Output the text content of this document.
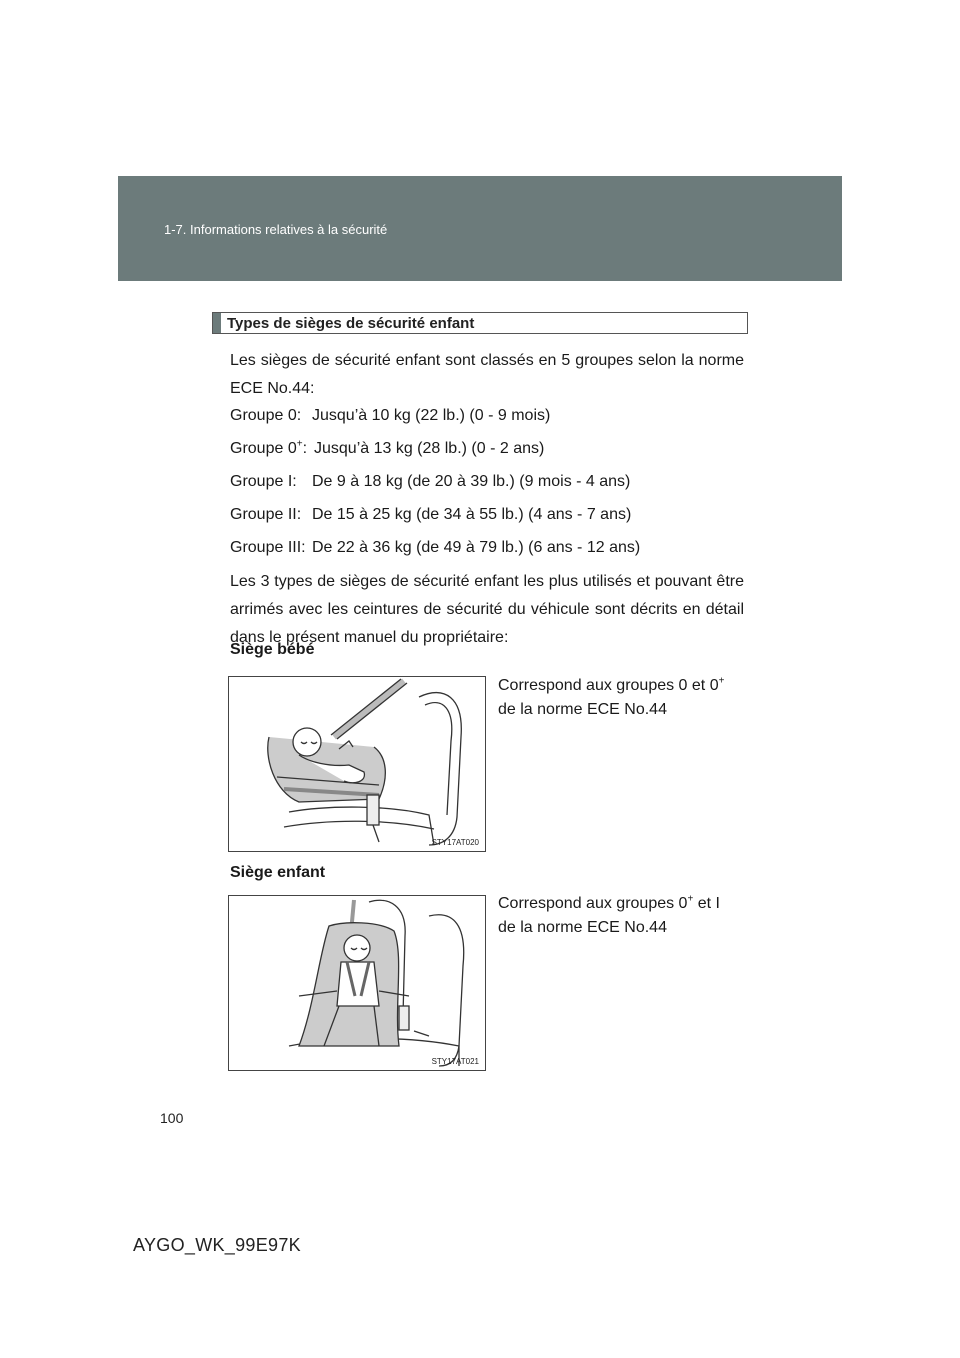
1-7. Informations relatives à la sécurité
Types de sièges de sécurité enfant
Les sièges de sécurité enfant sont classés en 5 groupes selon la norme ECE No.44:
Groupe 0: Jusqu’à 10 kg (22 lb.) (0 - 9 mois)
Groupe 0+: Jusqu’à 13 kg (28 lb.) (0 - 2 ans)
Groupe I: De 9 à 18 kg (de 20 à 39 lb.) (9 mois - 4 ans)
Groupe II: De 15 à 25 kg (de 34 à 55 lb.) (4 ans - 7 ans)
Groupe III: De 22 à 36 kg (de 49 à 79 lb.) (6 ans - 12 ans)
Les 3 types de sièges de sécurité enfant les plus utilisés et pouvant être arrimés avec les ceintures de sécurité du véhicule sont décrits en détail dans le présent manuel du propriétaire:
Siège bébé
STY17AT020
Correspond aux groupes 0 et 0+
de la norme ECE No.44
Siège enfant
STY17AT021
Correspond aux groupes 0+ et I
de la norme ECE No.44
100
AYGO_WK_99E97K
